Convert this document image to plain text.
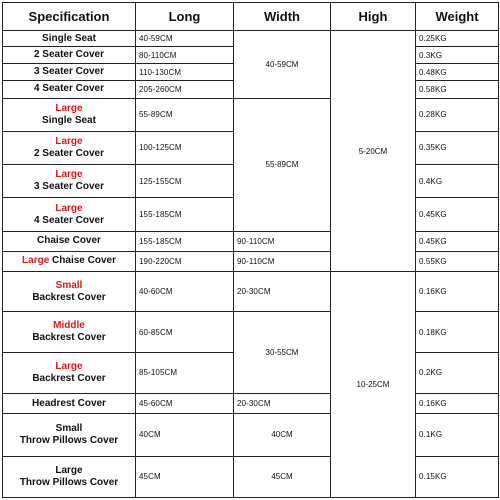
Specification	Long	Width	High	Weight

Single Seat	40-59CM	40-59CM	5-20CM	0.25KG

2 Seater Cover	80-110CM			0.3KG

3 Seater Cover	110-130CM			0.48KG

4 Seater Cover	205-260CM			0.58KG

Large
Single Seat	55-89CM	55-89CM		0.28KG

Large
2 Seater Cover	100-125CM			0.35KG

Large
3 Seater Cover	125-155CM			0.4KG

Large
4 Seater Cover	155-185CM			0.45KG

Chaise Cover	155-185CM	90-110CM		0.45KG
Large Chaise Cover	190-220CM	90-110CM		0.55KG

Small
Backrest Cover	40-60CM	20-30CM	10-25CM	0.16KG

Middle
Backrest Cover	60-85CM	30-55CM		0.18KG

Large
Backrest Cover	85-105CM			0.2KG

Headrest Cover	45-60CM	20-30CM		0.16KG

Small
Throw Pillows Cover	40CM	40CM		0.1KG

Large
Throw Pillows Cover	45CM	45CM		0.15KG
